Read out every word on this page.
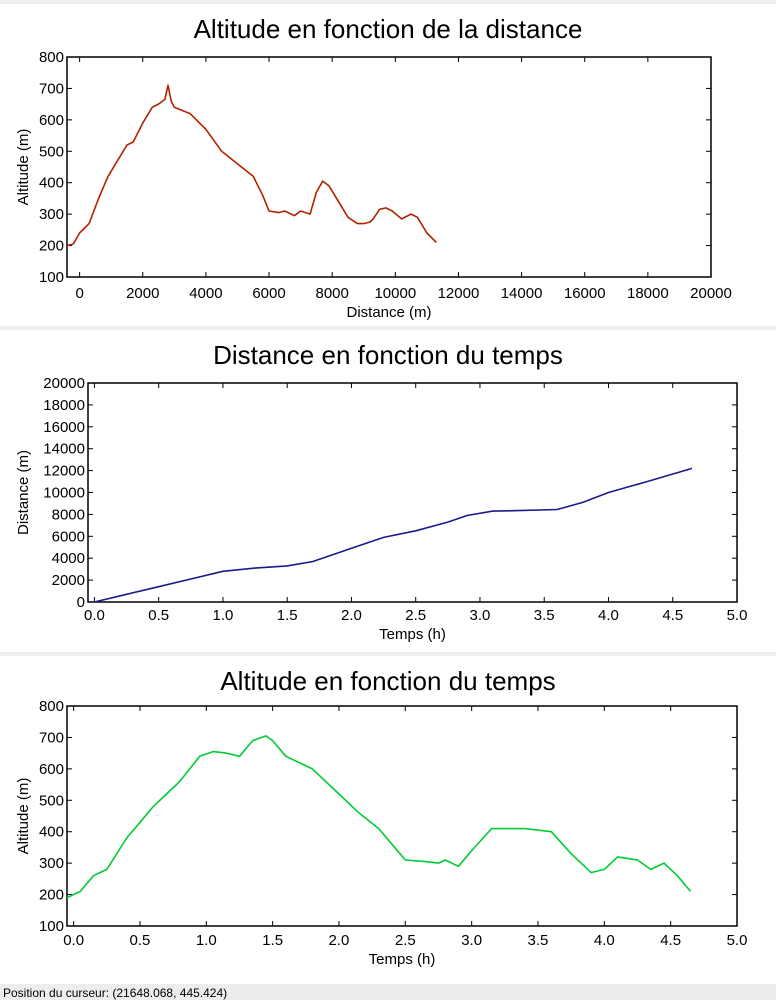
Altitude en fonction de la distance
0	2000 4000 6000 8000 10000 12000 14000 16000 18000 20000
100
200
300
400
500
600
700
800
Distance (m)
Altitude (m)
Distance en fonction du temps
0.0	0.5	1.0	1.5	2.0	2.5	3.0	3.5	4.0	4.5	5.0
0
2000
4000
6000
8000
10000
12000
14000
16000
18000
20000
Temps (h)
Distance (m)
Altitude en fonction du temps
0.0	0.5	1.0	1.5	2.0	2.5	3.0	3.5	4.0	4.5	5.0
100
200
300
400
500
600
700
800
Temps (h)
Altitude (m)
Position du curseur: (21648.068, 445.424)
